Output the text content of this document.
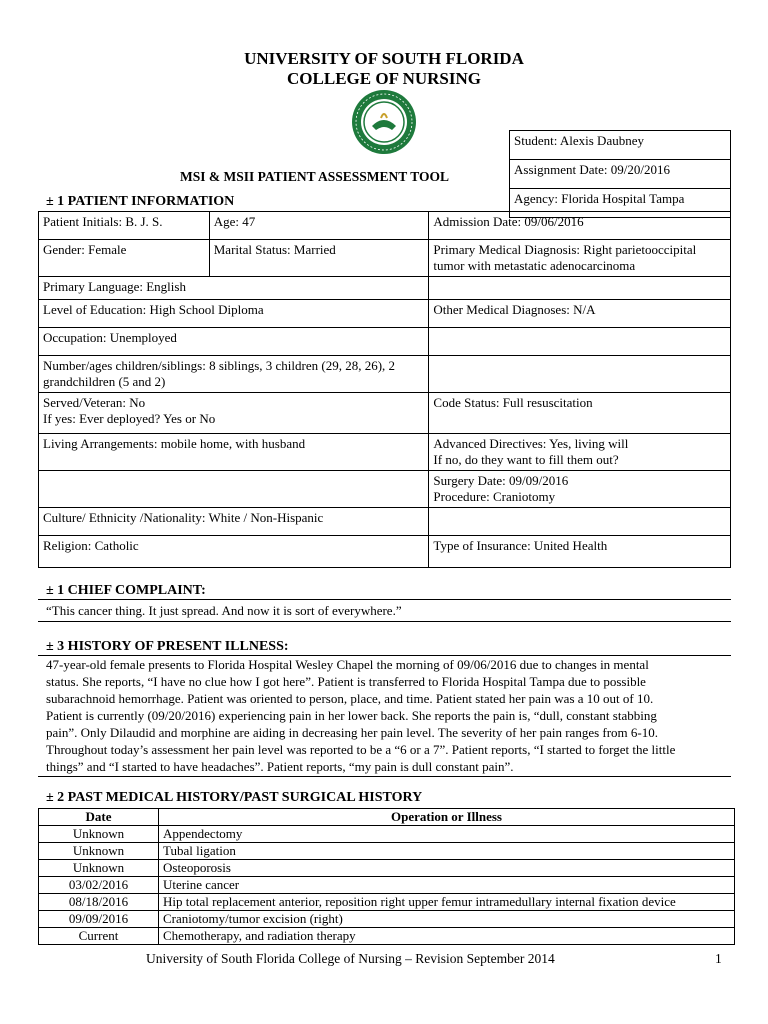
UNIVERSITY OF SOUTH FLORIDA
COLLEGE OF NURSING
MSI & MSII PATIENT ASSESSMENT TOOL
Student: Alexis Daubney
Assignment Date: 09/20/2016
Agency: Florida Hospital Tampa
± 1 PATIENT INFORMATION
Patient Initials: B. J. S.	Age: 47	Admission Date: 09/06/2016
Gender: Female	Marital Status: Married	Primary Medical Diagnosis: Right parietooccipital
tumor with metastatic adenocarcinoma

Primary Language: English		
Level of Education: High School Diploma		Other Medical Diagnoses: N/A
Occupation: Unemployed		

Number/ages children/siblings: 8 siblings, 3 children (29, 28, 26), 2
grandchildren (5 and 2)		

Served/Veteran: No
If yes: Ever deployed? Yes or No		Code Status: Full resuscitation
Living Arrangements: mobile home, with husband		Advanced Directives: Yes, living will
If no, do they want to fill them out?

		Surgery Date: 09/09/2016
Procedure: Craniotomy

Culture/ Ethnicity /Nationality: White / Non-Hispanic		
Religion: Catholic		Type of Insurance: United Health
± 1 CHIEF COMPLAINT:
“This cancer thing. It just spread. And now it is sort of everywhere.”
± 3 HISTORY OF PRESENT ILLNESS:
47-year-old female presents to Florida Hospital Wesley Chapel the morning of 09/06/2016 due to changes in mental
status. She reports, “I have no clue how I got here”. Patient is transferred to Florida Hospital Tampa due to possible
subarachnoid hemorrhage. Patient was oriented to person, place, and time. Patient stated her pain was a 10 out of 10.
Patient is currently (09/20/2016) experiencing pain in her lower back. She reports the pain is, “dull, constant stabbing
pain”. Only Dilaudid and morphine are aiding in decreasing her pain level. The severity of her pain ranges from 6-10.
Throughout today’s assessment her pain level was reported to be a “6 or a 7”. Patient reports, “I started to forget the little
things” and “I started to have headaches”. Patient reports, “my pain is dull constant pain”.
± 2 PAST MEDICAL HISTORY/PAST SURGICAL HISTORY
Date	Operation or Illness
Unknown	Appendectomy
Unknown	Tubal ligation
Unknown	Osteoporosis
03/02/2016	Uterine cancer
08/18/2016	Hip total replacement anterior, reposition right upper femur intramedullary internal fixation device
09/09/2016	Craniotomy/tumor excision (right)
Current	Chemotherapy, and radiation therapy
University of South Florida College of Nursing – Revision September 2014	1
